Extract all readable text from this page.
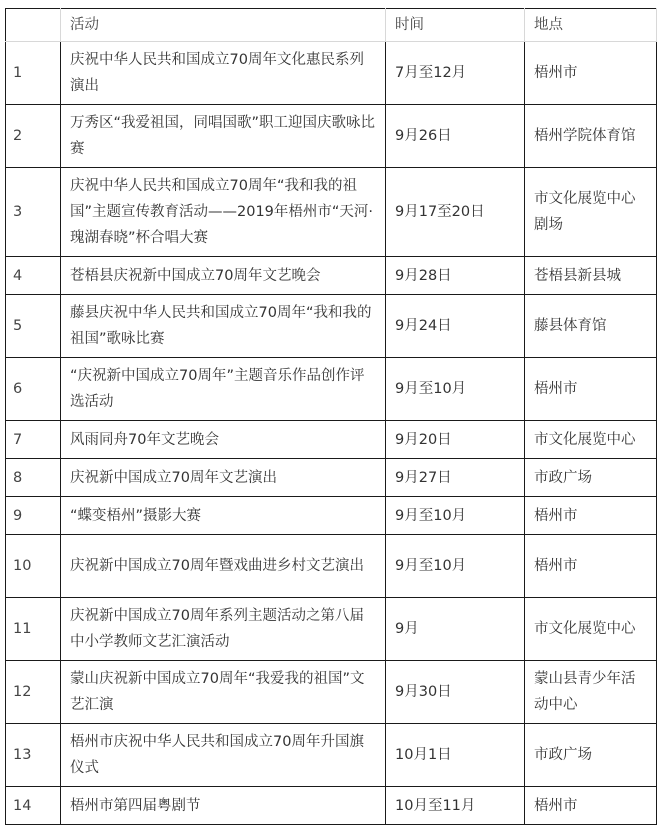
	活动	时间	地点
1	庆祝中华人民共和国成立70周年文化惠民系列演出	7月至12月	梧州市
2	万秀区“我爱祖国，同唱国歌”职工迎国庆歌咏比赛	9月26日	梧州学院体育馆
3	庆祝中华人民共和国成立70周年“我和我的祖国”主题宣传教育活动——2019年梧州市“天河·瑰湖春晓”杯合唱大赛	9月17至20日	市文化展览中心剧场
4	苍梧县庆祝新中国成立70周年文艺晚会	9月28日	苍梧县新县城
5	藤县庆祝中华人民共和国成立70周年“我和我的祖国”歌咏比赛	9月24日	藤县体育馆
6	“庆祝新中国成立70周年”主题音乐作品创作评选活动	9月至10月	梧州市
7	风雨同舟70年文艺晚会	9月20日	市文化展览中心
8	庆祝新中国成立70周年文艺演出	9月27日	市政广场
9	“蝶变梧州”摄影大赛	9月至10月	梧州市
10	庆祝新中国成立70周年暨戏曲进乡村文艺演出	9月至10月	梧州市
11	庆祝新中国成立70周年系列主题活动之第八届中小学教师文艺汇演活动	9月	市文化展览中心
12	蒙山庆祝新中国成立70周年“我爱我的祖国”文艺汇演	9月30日	蒙山县青少年活动中心
13	梧州市庆祝中华人民共和国成立70周年升国旗仪式	10月1日	市政广场
14	梧州市第四届粤剧节	10月至11月	梧州市
